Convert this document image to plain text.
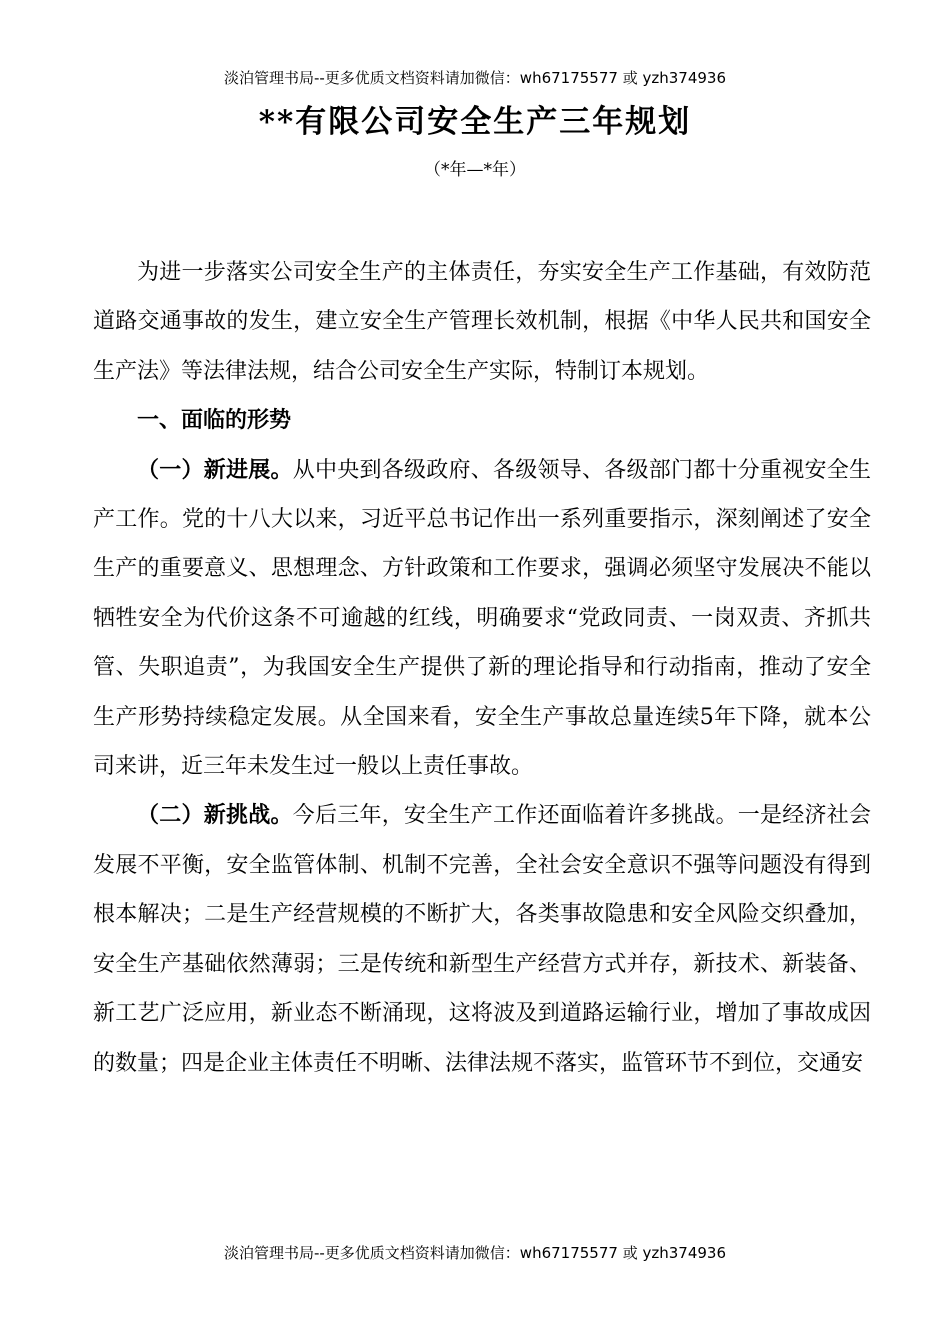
淡泊管理书局--更多优质文档资料请加微信：wh67175577 或 yzh374936
**有限公司安全生产三年规划
（*年—*年）

为进一步落实公司安全生产的主体责任，夯实安全生产工作基础，有效防范道路交通事故的发生，建立安全生产管理长效机制，根据《中华人民共和国安全生产法》等法律法规，结合公司安全生产实际，特制订本规划。

一、面临的形势

（一）新进展。从中央到各级政府、各级领导、各级部门都十分重视安全生产工作。党的十八大以来，习近平总书记作出一系列重要指示，深刻阐述了安全生产的重要意义、思想理念、方针政策和工作要求，强调必须坚守发展决不能以牺牲安全为代价这条不可逾越的红线，明确要求“党政同责、一岗双责、齐抓共管、失职追责”，为我国安全生产提供了新的理论指导和行动指南，推动了安全生产形势持续稳定发展。从全国来看，安全生产事故总量连续5年下降，就本公司来讲，近三年未发生过一般以上责任事故。

（二）新挑战。今后三年，安全生产工作还面临着许多挑战。一是经济社会发展不平衡，安全监管体制、机制不完善，全社会安全意识不强等问题没有得到根本解决；二是生产经营规模的不断扩大，各类事故隐患和安全风险交织叠加，安全生产基础依然薄弱；三是传统和新型生产经营方式并存，新技术、新装备、新工艺广泛应用，新业态不断涌现，这将波及到道路运输行业，增加了事故成因的数量；四是企业主体责任不明晰、法律法规不落实，监管环节不到位，交通安

淡泊管理书局--更多优质文档资料请加微信：wh67175577 或 yzh374936
